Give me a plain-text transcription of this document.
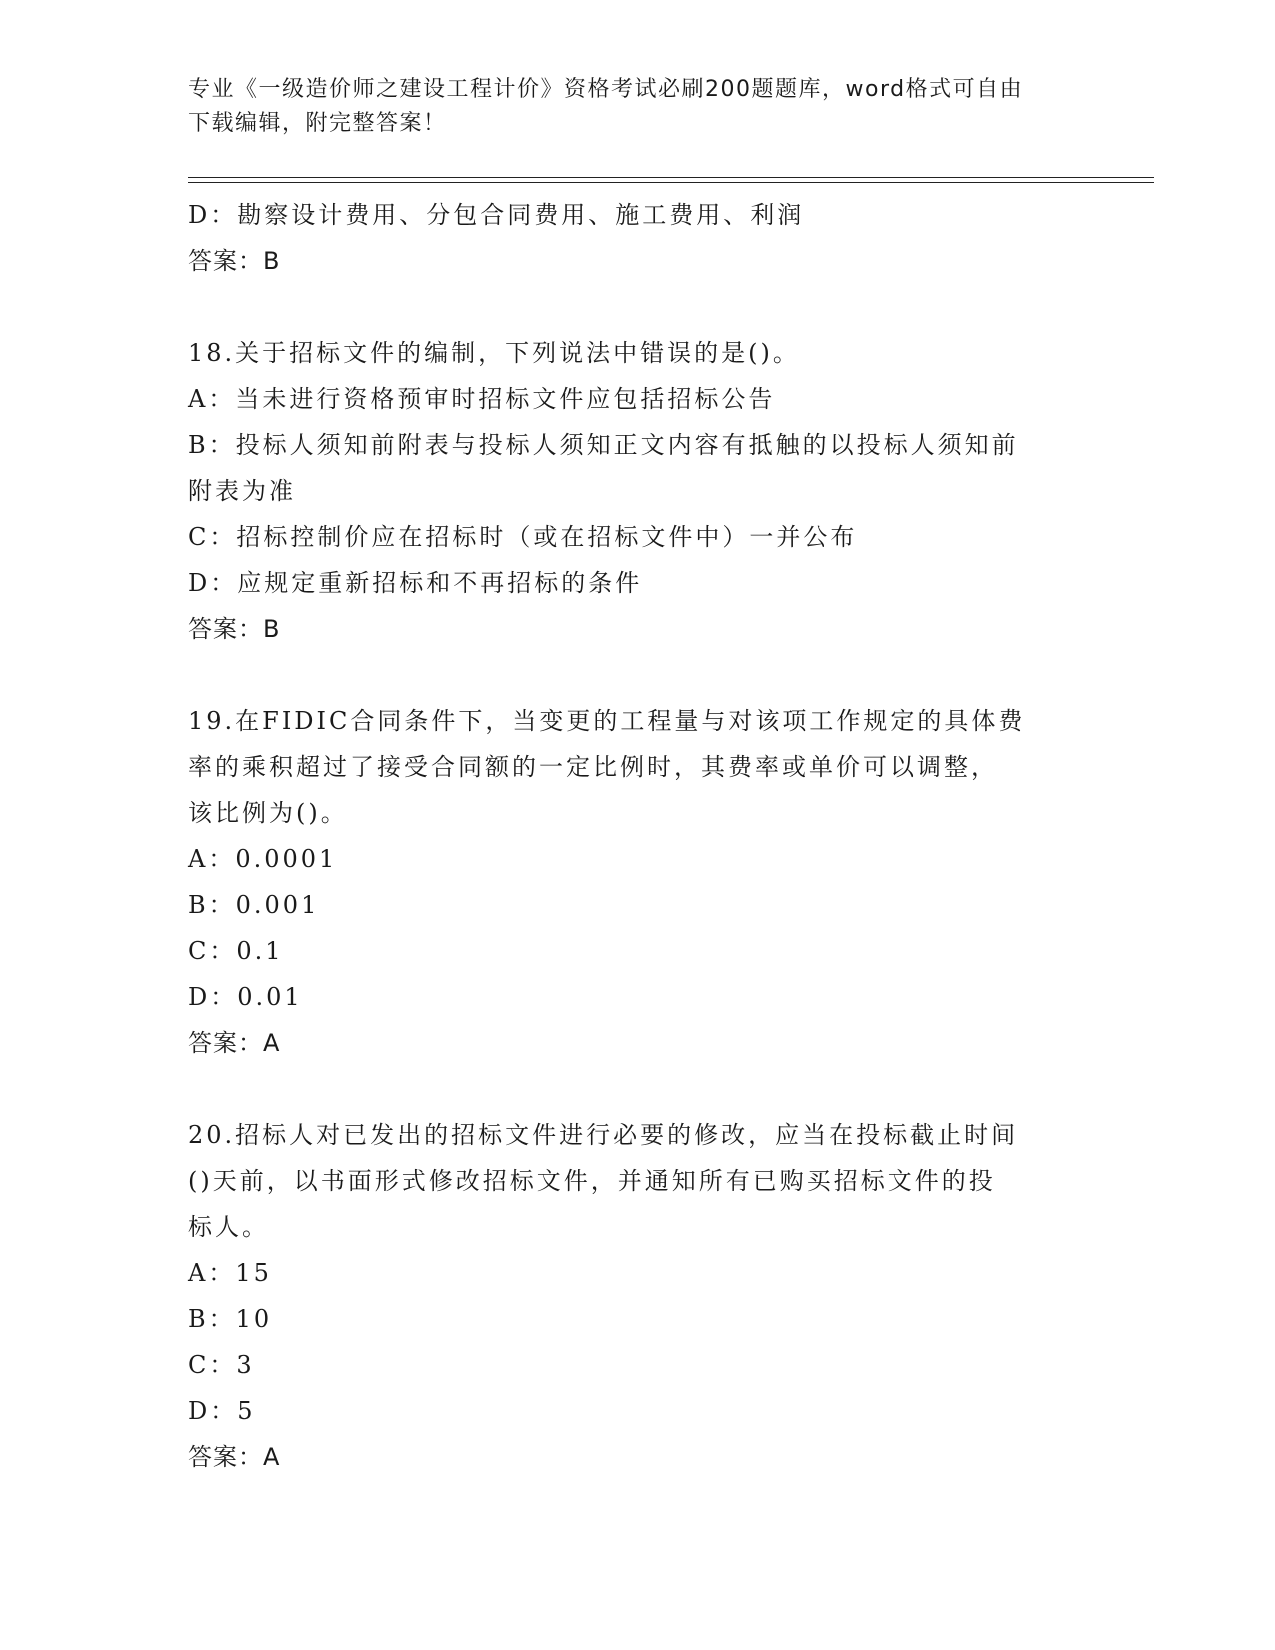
专业《一级造价师之建设工程计价》资格考试必刷200题题库，word格式可自由
下载编辑，附完整答案！
D：勘察设计费用、分包合同费用、施工费用、利润
答案：B
18.关于招标文件的编制，下列说法中错误的是()。
A：当未进行资格预审时招标文件应包括招标公告
B：投标人须知前附表与投标人须知正文内容有抵触的以投标人须知前
附表为准
C：招标控制价应在招标时（或在招标文件中）一并公布
D：应规定重新招标和不再招标的条件
答案：B
19.在FIDIC合同条件下，当变更的工程量与对该项工作规定的具体费
率的乘积超过了接受合同额的一定比例时，其费率或单价可以调整，
该比例为()。
A：0.0001
B：0.001
C：0.1
D：0.01
答案：A
20.招标人对已发出的招标文件进行必要的修改，应当在投标截止时间
()天前，以书面形式修改招标文件，并通知所有已购买招标文件的投
标人。
A：15
B：10
C：3
D：5
答案：A
